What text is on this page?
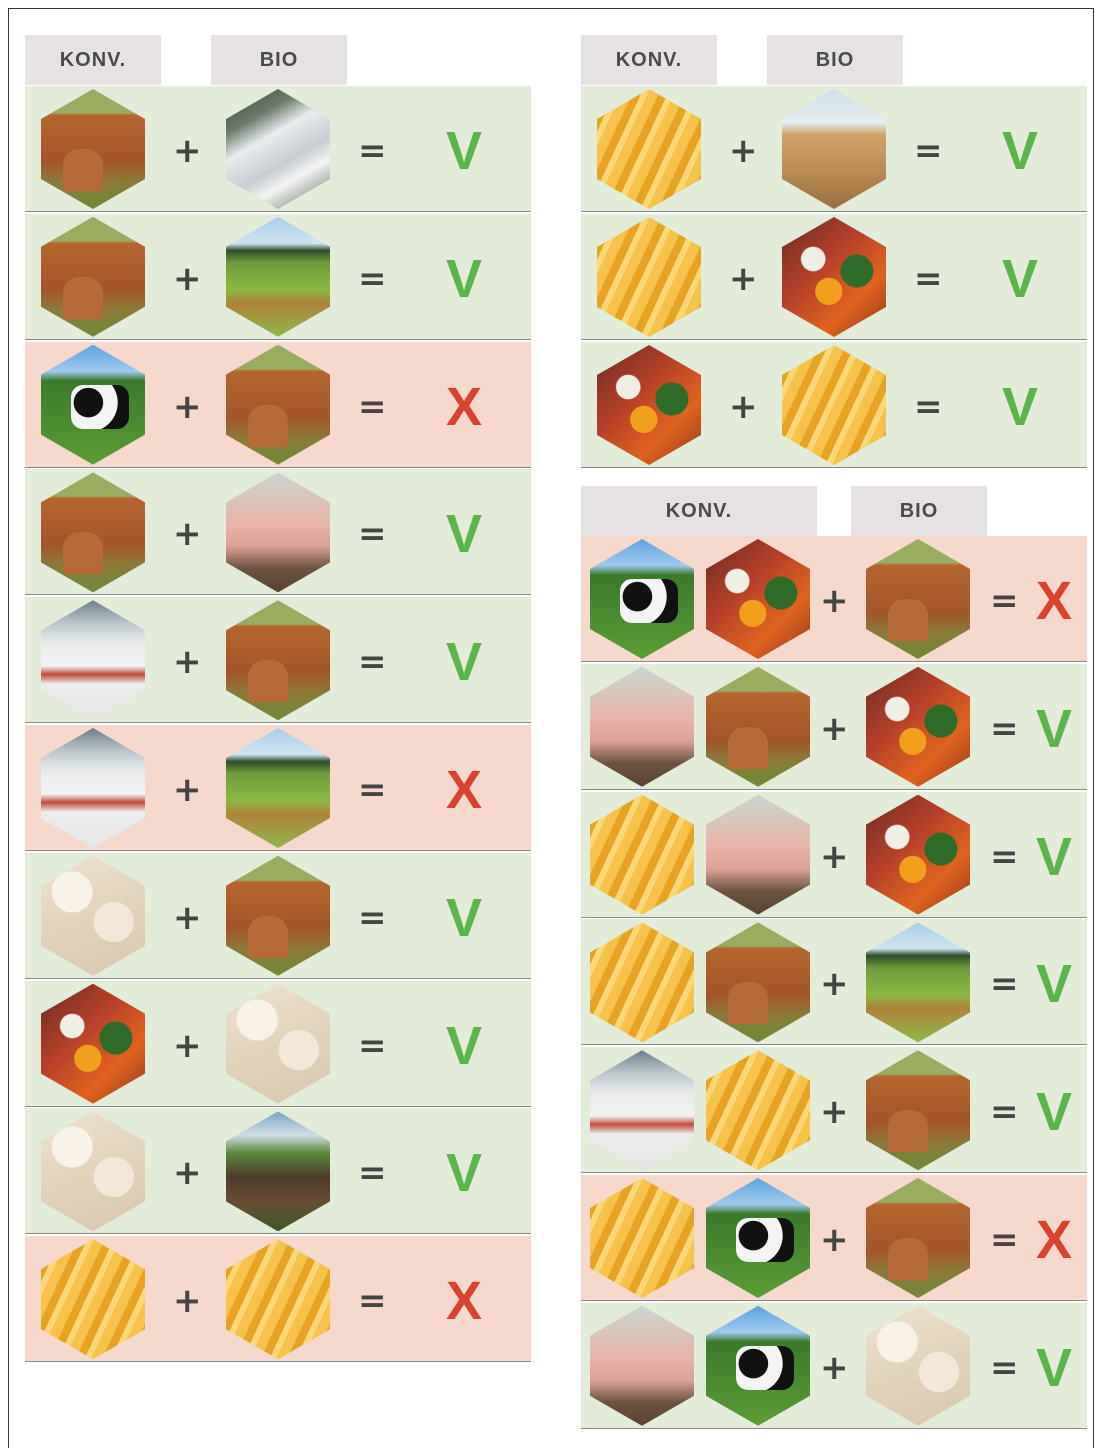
KONV.	BIO
+	= V
+	= V
+	= X
+	= V
+	= V
+	= X
+	= V
+	= V
+	= V
+	= X
KONV.	BIO
+	= V
+	= V
+	= V
KONV.	BIO
+	= X
+	= V
+	= V
+	= V
+	= V
+	= X
+	= V
